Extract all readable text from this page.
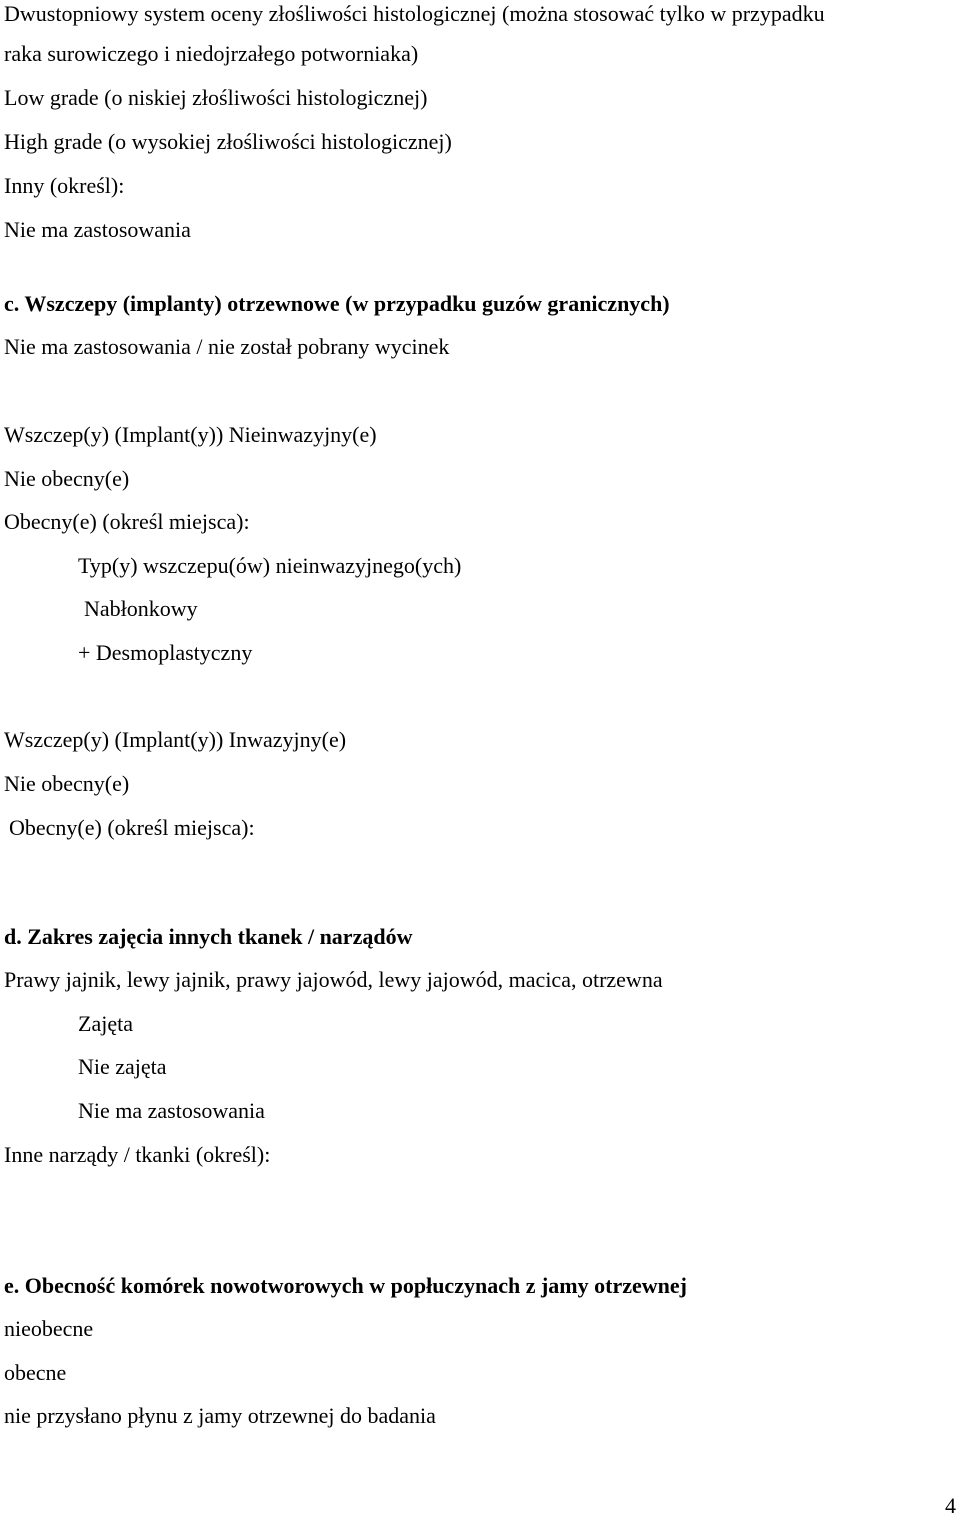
Dwustopniowy system oceny złośliwości histologicznej (można stosować tylko w przypadku
raka surowiczego i niedojrzałego potworniaka)
Low grade (o niskiej złośliwości histologicznej)
High grade (o wysokiej złośliwości histologicznej)
Inny (określ):
Nie ma zastosowania
c. Wszczepy (implanty) otrzewnowe (w przypadku guzów granicznych)
Nie ma zastosowania / nie został pobrany wycinek
Wszczep(y) (Implant(y)) Nieinwazyjny(e)
Nie obecny(e)
Obecny(e) (określ miejsca):
Typ(y) wszczepu(ów) nieinwazyjnego(ych)
Nabłonkowy
+ Desmoplastyczny
Wszczep(y) (Implant(y)) Inwazyjny(e)
Nie obecny(e)
Obecny(e) (określ miejsca):
d. Zakres zajęcia innych tkanek / narządów
Prawy jajnik, lewy jajnik, prawy jajowód, lewy jajowód, macica, otrzewna
Zajęta
Nie zajęta
Nie ma zastosowania
Inne narządy / tkanki (określ):
e. Obecność komórek nowotworowych w popłuczynach z jamy otrzewnej
nieobecne
obecne
nie przysłano płynu z jamy otrzewnej do badania
4
